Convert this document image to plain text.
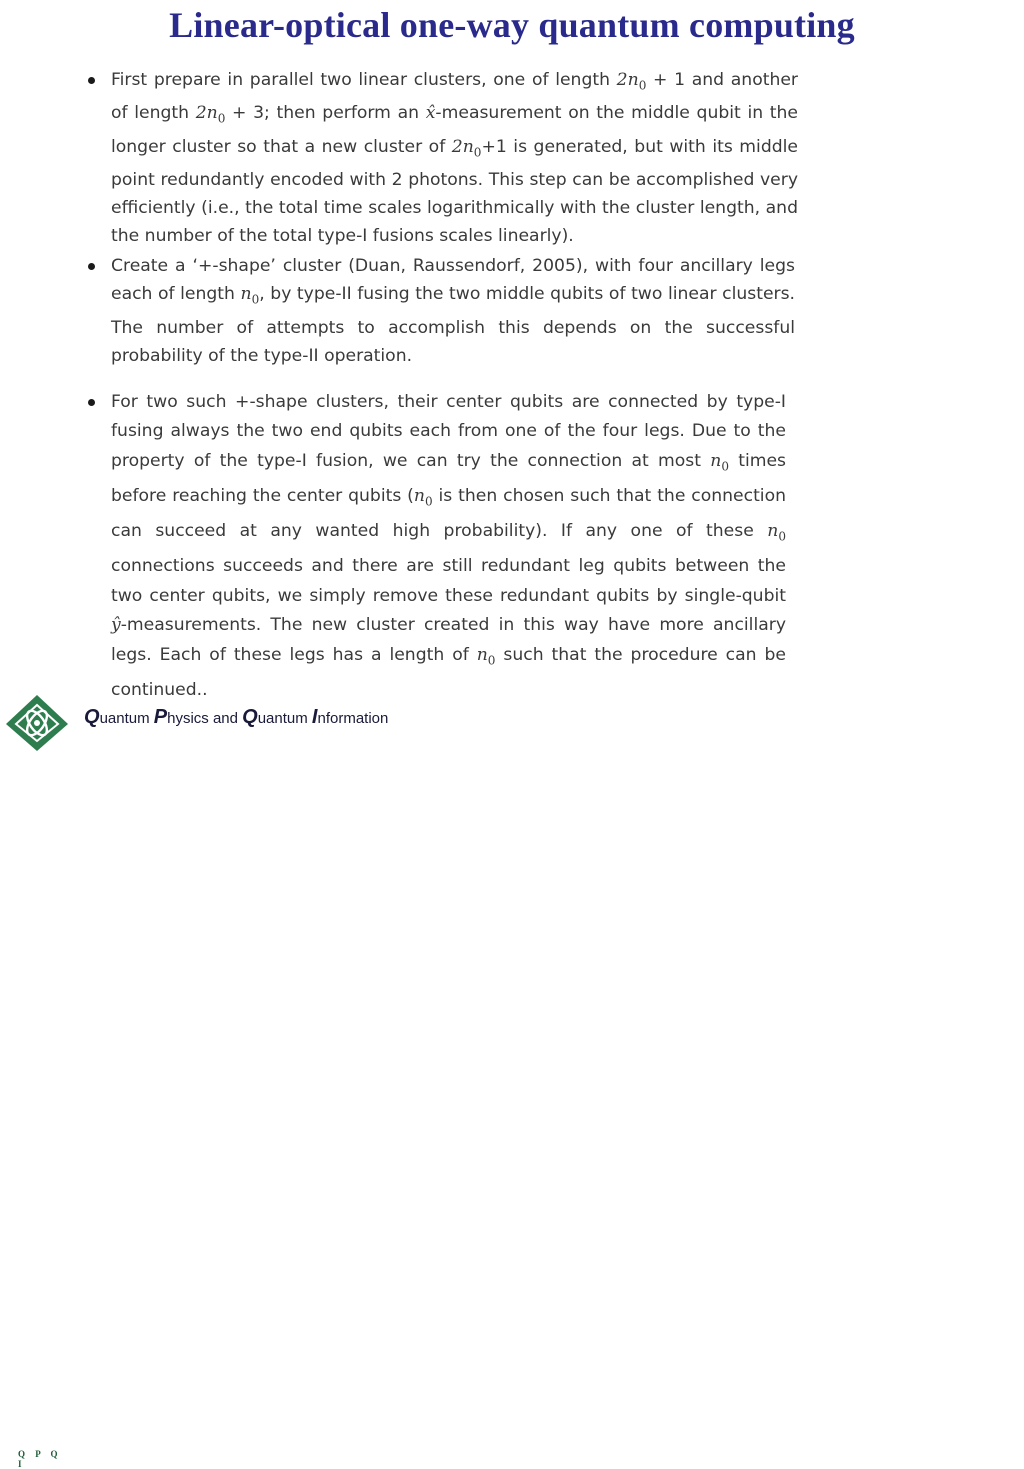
Linear-optical one-way quantum computing
First prepare in parallel two linear clusters, one of length $2n_0 + 1$ and another of length $2n_0 + 3$; then perform an x̂-measurement on the middle qubit in the longer cluster so that a new cluster of $2n_0+1$ is generated, but with its middle point redundantly encoded with 2 photons. This step can be accomplished very efficiently (i.e., the total time scales logarithmically with the cluster length, and the number of the total type-I fusions scales linearly).
Create a ‘+-shape’ cluster (Duan, Raussendorf, 2005), with four ancillary legs each of length $n_0$, by type-II fusing the two middle qubits of two linear clusters. The number of attempts to accomplish this depends on the successful probability of the type-II operation.
For two such +-shape clusters, their center qubits are connected by type-I fusing always the two end qubits each from one of the four legs. Due to the property of the type-I fusion, we can try the connection at most $n_0$ times before reaching the center qubits ($n_0$ is then chosen such that the connection can succeed at any wanted high probability). If any one of these $n_0$ connections succeeds and there are still redundant leg qubits between the two center qubits, we simply remove these redundant qubits by single-qubit ŷ-measurements. The new cluster created in this way have more ancillary legs. Each of these legs has a length of $n_0$ such that the procedure can be continued..
Q P Q I
Quantum Physics and Quantum Information
